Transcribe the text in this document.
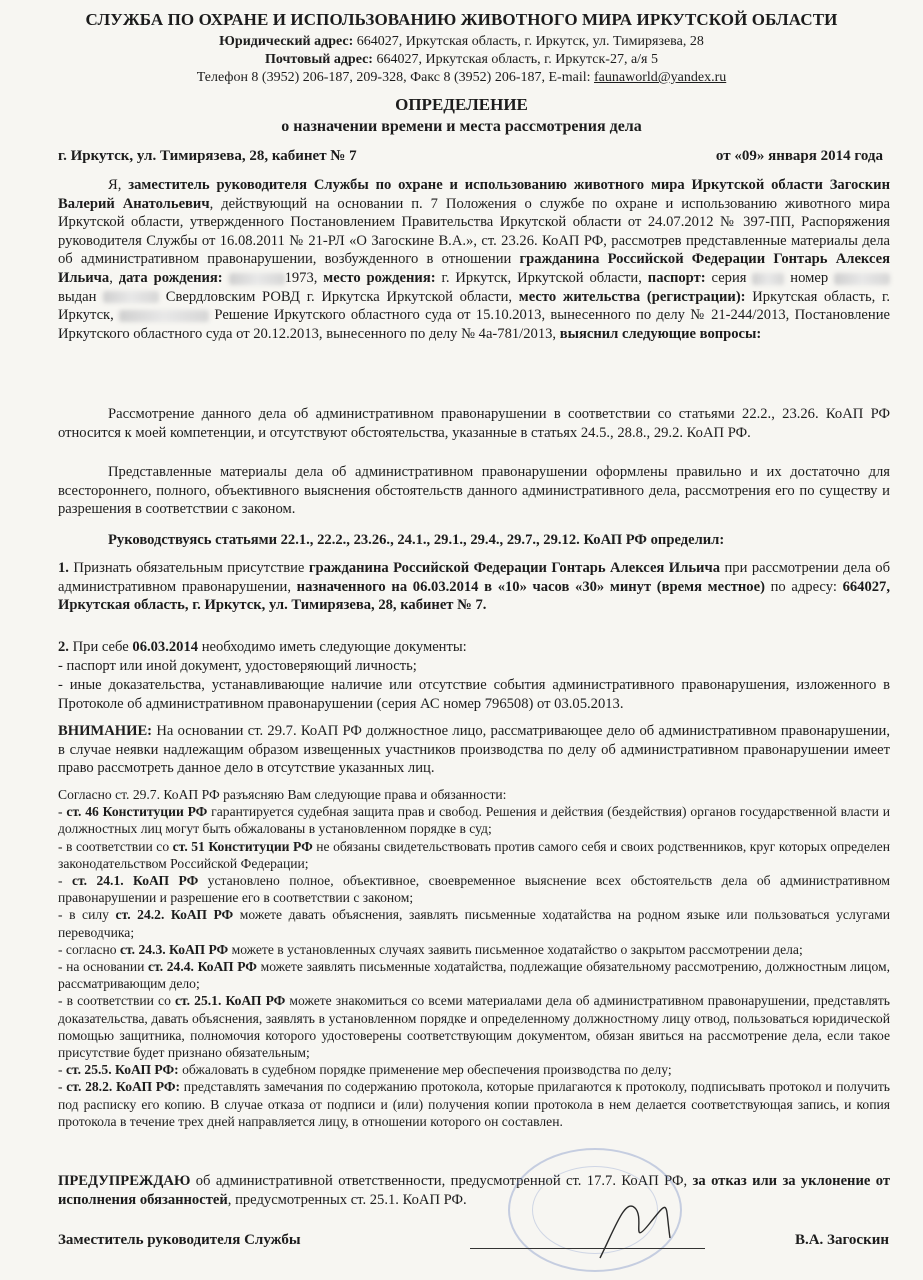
СЛУЖБА ПО ОХРАНЕ И ИСПОЛЬЗОВАНИЮ ЖИВОТНОГО МИРА ИРКУТСКОЙ ОБЛАСТИ
Юридический адрес: 664027, Иркутская область, г. Иркутск, ул. Тимирязева, 28
Почтовый адрес: 664027, Иркутская область, г. Иркутск-27, а/я 5
Телефон 8 (3952) 206-187, 209-328, Факс 8 (3952) 206-187, E-mail: faunaworld@yandex.ru
ОПРЕДЕЛЕНИЕ
о назначении времени и места рассмотрения дела
г. Иркутск, ул. Тимирязева, 28, кабинет № 7	от «09» января 2014 года
Я, заместитель руководителя Службы по охране и использованию животного мира Иркутской области Загоскин Валерий Анатольевич, действующий на основании п. 7 Положения о службе по охране и использованию животного мира Иркутской области, утвержденного Постановлением Правительства Иркутской области от 24.07.2012 № 397-ПП, Распоряжения руководителя Службы от 16.08.2011 № 21-РЛ «О Загоскине В.А.», ст. 23.26. КоАП РФ, рассмотрев представленные материалы дела об административном правонарушении, возбужденного в отношении гражданина Российской Федерации Гонтарь Алексея Ильича, дата рождения:	1973, место рождения: г. Иркутск, Иркутской области, паспорт: серия  номер  выдан	Свердловским РОВД г. Иркутска Иркутской области, место жительства (регистрации): Иркутская область, г. Иркутск,	Решение Иркутского областного суда от 15.10.2013, вынесенного по делу № 21-244/2013, Постановление Иркутского областного суда от 20.12.2013, вынесенного по делу № 4а-781/2013, выяснил следующие вопросы:
Рассмотрение данного дела об административном правонарушении в соответствии со статьями 22.2., 23.26. КоАП РФ относится к моей компетенции, и отсутствуют обстоятельства, указанные в статьях 24.5., 28.8., 29.2. КоАП РФ.
Представленные материалы дела об административном правонарушении оформлены правильно и их достаточно для всестороннего, полного, объективного выяснения обстоятельств данного административного дела, рассмотрения его по существу и разрешения в соответствии с законом.
Руководствуясь статьями 22.1., 22.2., 23.26., 24.1., 29.1., 29.4., 29.7., 29.12. КоАП РФ определил:
1. Признать обязательным присутствие гражданина Российской Федерации Гонтарь Алексея Ильича при рассмотрении дела об административном правонарушении, назначенного на 06.03.2014 в «10» часов «30» минут (время местное) по адресу: 664027, Иркутская область, г. Иркутск, ул. Тимирязева, 28, кабинет № 7.
2. При себе 06.03.2014 необходимо иметь следующие документы:
- паспорт или иной документ, удостоверяющий личность;
- иные доказательства, устанавливающие наличие или отсутствие события административного правонарушения, изложенного в Протоколе об административном правонарушении (серия АС номер 796508) от 03.05.2013.
ВНИМАНИЕ: На основании ст. 29.7. КоАП РФ должностное лицо, рассматривающее дело об административном правонарушении, в случае неявки надлежащим образом извещенных участников производства по делу об административном правонарушении имеет право рассмотреть данное дело в отсутствие указанных лиц.
Согласно ст. 29.7. КоАП РФ разъясняю Вам следующие права и обязанности:
- ст. 46 Конституции РФ гарантируется судебная защита прав и свобод. Решения и действия (бездействия) органов государственной власти и должностных лиц могут быть обжалованы в установленном порядке в суд;
- в соответствии со ст. 51 Конституции РФ не обязаны свидетельствовать против самого себя и своих родственников, круг которых определен законодательством Российской Федерации;
- ст. 24.1. КоАП РФ установлено полное, объективное, своевременное выяснение всех обстоятельств дела об административном правонарушении и разрешение его в соответствии с законом;
- в силу ст. 24.2. КоАП РФ можете давать объяснения, заявлять письменные ходатайства на родном языке или пользоваться услугами переводчика;
- согласно ст. 24.3. КоАП РФ можете в установленных случаях заявить письменное ходатайство о закрытом рассмотрении дела;
- на основании ст. 24.4. КоАП РФ можете заявлять письменные ходатайства, подлежащие обязательному рассмотрению, должностным лицом, рассматривающим дело;
- в соответствии со ст. 25.1. КоАП РФ можете знакомиться со всеми материалами дела об административном правонарушении, представлять доказательства, давать объяснения, заявлять в установленном порядке и определенному должностному лицу отвод, пользоваться юридической помощью защитника, полномочия которого удостоверены соответствующим документом, обязан явиться на рассмотрение дела, если такое присутствие будет признано обязательным;
- ст. 25.5. КоАП РФ: обжаловать в судебном порядке применение мер обеспечения производства по делу;
- ст. 28.2. КоАП РФ: представлять замечания по содержанию протокола, которые прилагаются к протоколу, подписывать протокол и получить под расписку его копию. В случае отказа от подписи и (или) получения копии протокола в нем делается соответствующая запись, и копия протокола в течение трех дней направляется лицу, в отношении которого он составлен.
ПРЕДУПРЕЖДАЮ об административной ответственности, предусмотренной ст. 17.7. КоАП РФ, за отказ или за уклонение от исполнения обязанностей, предусмотренных ст. 25.1. КоАП РФ.
Заместитель руководителя Службы	В.А. Загоскин
